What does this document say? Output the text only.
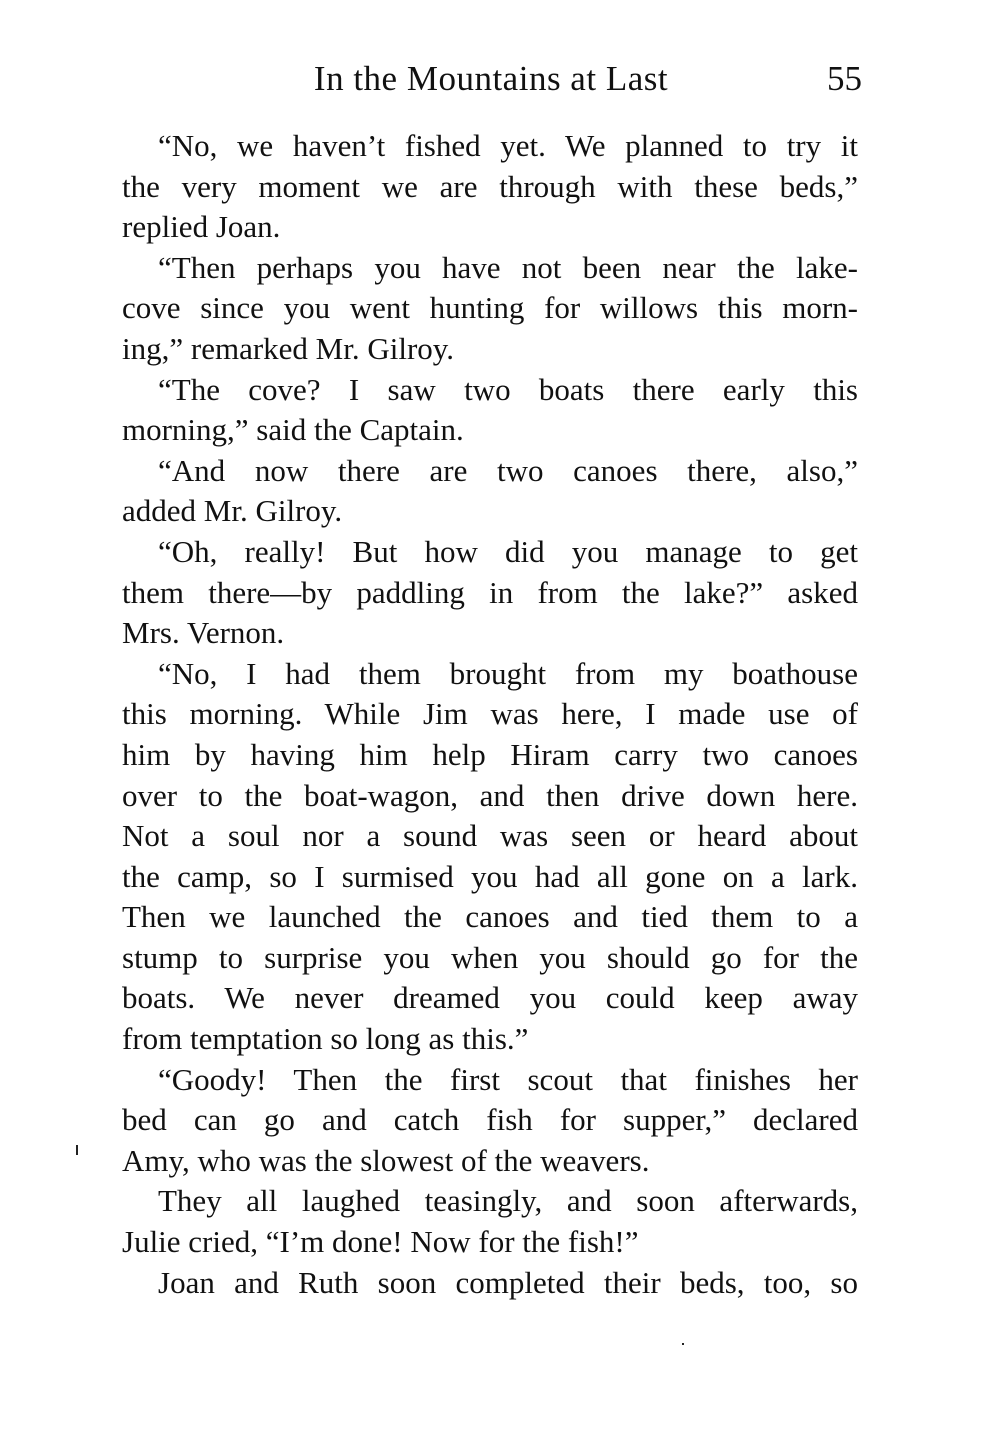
In the Mountains at Last	55
“No, we haven’t fished yet. We planned to try it
the very moment we are through with these beds,”
replied Joan.
“Then perhaps you have not been near the lake-
cove since you went hunting for willows this morn-
ing,” remarked Mr. Gilroy.
“The cove? I saw two boats there early this
morning,” said the Captain.
“And now there are two canoes there, also,”
added Mr. Gilroy.
“Oh, really! But how did you manage to get
them there—by paddling in from the lake?” asked
Mrs. Vernon.
“No, I had them brought from my boathouse
this morning. While Jim was here, I made use of
him by having him help Hiram carry two canoes
over to the boat-wagon, and then drive down here.
Not a soul nor a sound was seen or heard about
the camp, so I surmised you had all gone on a lark.
Then we launched the canoes and tied them to a
stump to surprise you when you should go for the
boats. We never dreamed you could keep away
from temptation so long as this.”
“Goody! Then the first scout that finishes her
bed can go and catch fish for supper,” declared
Amy, who was the slowest of the weavers.
They all laughed teasingly, and soon afterwards,
Julie cried, “I’m done! Now for the fish!”
Joan and Ruth soon completed their beds, too, so
